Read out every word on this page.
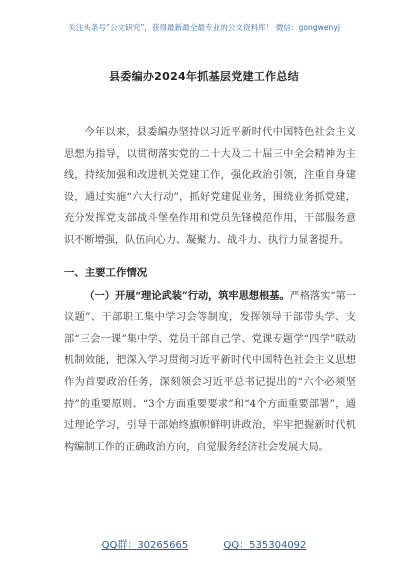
关注头条号“公文研究”，获得最新最全最专业的公文资料库！ 微信：gongwenyj
县委编办2024年抓基层党建工作总结

今年以来，县委编办坚持以习近平新时代中国特色社会主义思想为指导，以贯彻落实党的二十大及二十届三中全会精神为主线，持续加强和改进机关党建工作，强化政治引领，注重自身建设，通过实施“六大行动”，抓好党建促业务，围绕业务抓党建，充分发挥党支部战斗堡垒作用和党员先锋模范作用，干部服务意识不断增强，队伍向心力、凝聚力、战斗力、执行力显著提升。

一、主要工作情况

（一）开展“理论武装”行动，筑牢思想根基。严格落实“第一议题”、干部职工集中学习会等制度，发挥领导干部带头学、支部“三会一课”集中学、党员干部自己学、党课专题学“四学”联动机制效能，把深入学习贯彻习近平新时代中国特色社会主义思想作为首要政治任务，深刻领会习近平总书记提出的“六个必须坚持”的重要原则、“3个方面重要要求”和“4个方面重要部署”，通过理论学习，引导干部始终旗帜鲜明讲政治，牢牢把握新时代机构编制工作的正确政治方向，自觉服务经济社会发展大局。

QQ群：30265665	QQ：535304092
